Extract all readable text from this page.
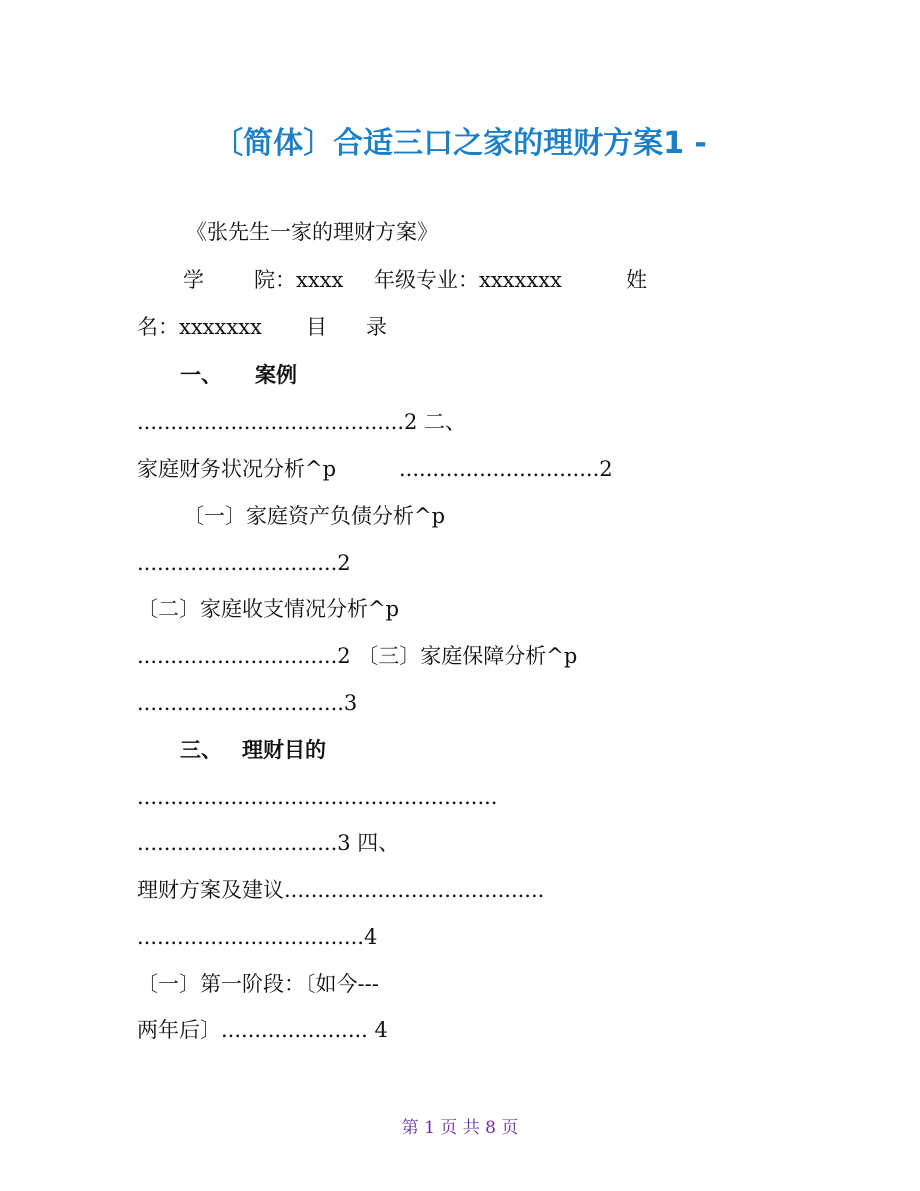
〔简体〕合适三口之家的理财方案1 -
《张先生一家的理财方案》
学 院：xxxx 年级专业：xxxxxxx	姓
名：xxxxxxx 目 录
一、 案例
........................................2 二、
家庭财务状况分析^p	..............................2
〔一〕家庭资产负债分析^p
..............................2
〔二〕家庭收支情况分析^p
..............................2 〔三〕家庭保障分析^p
...............................3
三、 理财目的
......................................................
..............................3 四、
理财方案及建议.......................................
..................................4
〔一〕第一阶段：〔如今---
两年后〕...................... 4
第 1 页 共 8 页
